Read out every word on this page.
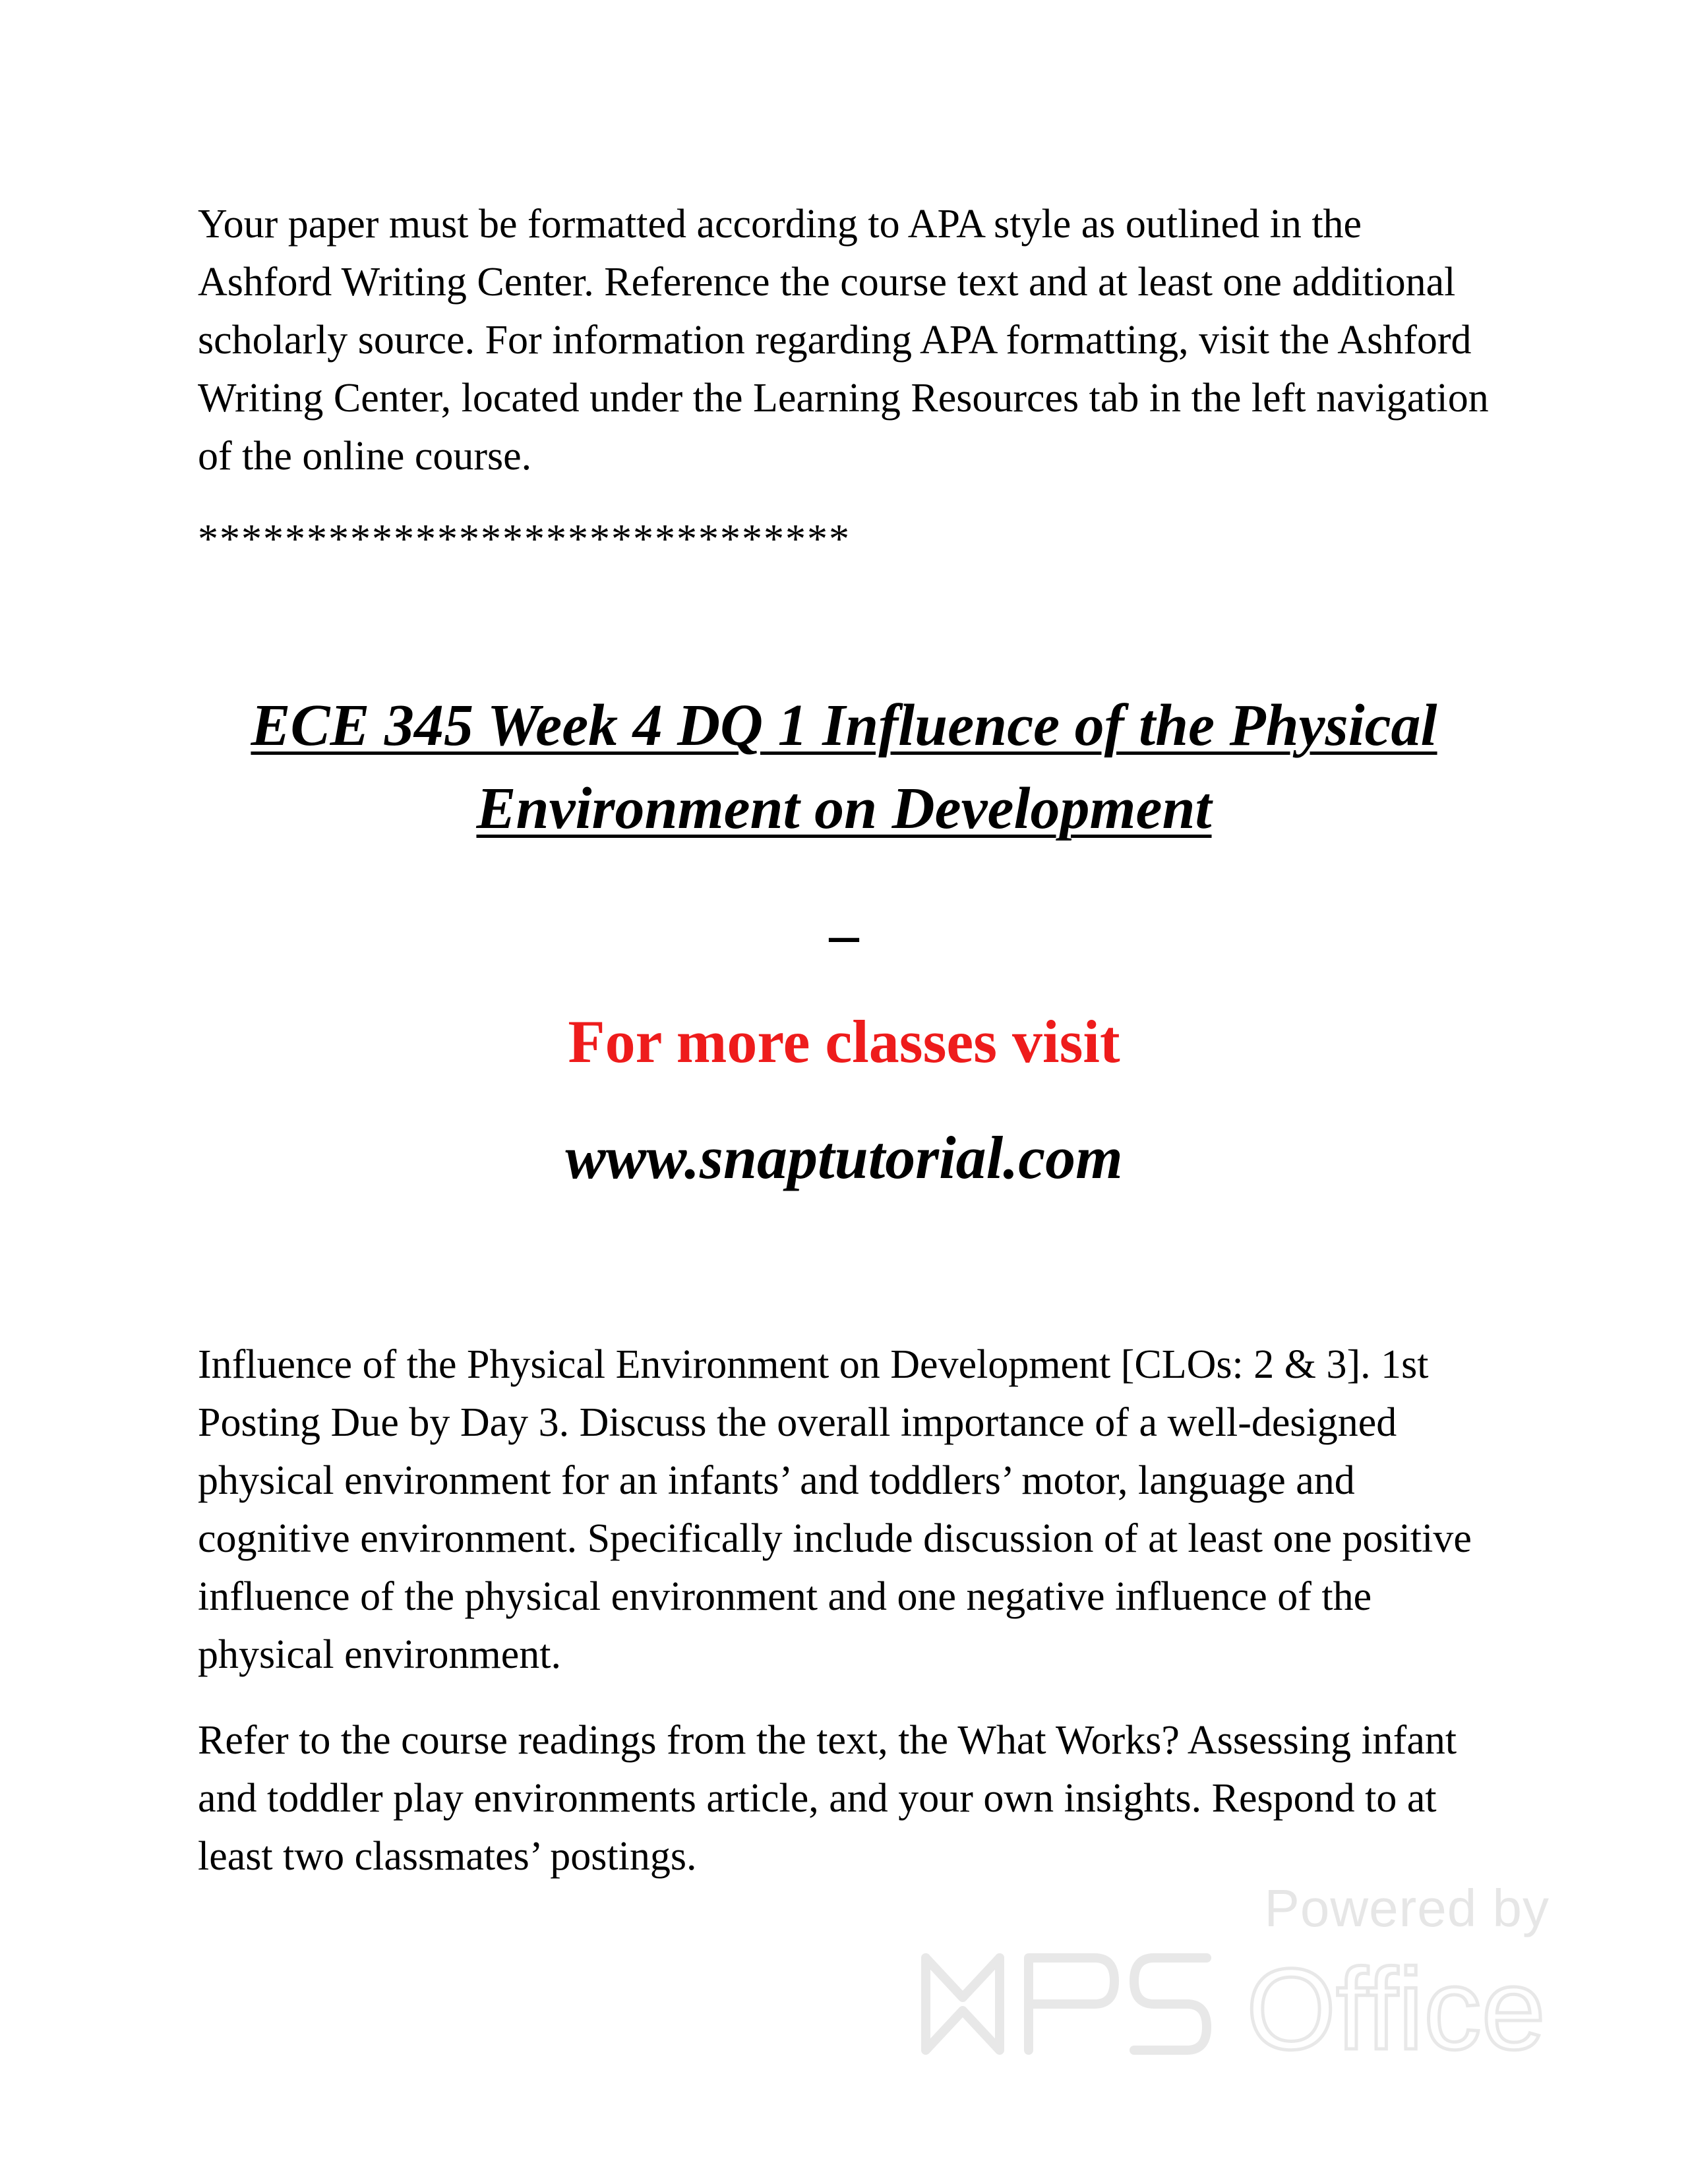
Your paper must be formatted according to APA style as outlined in the Ashford Writing Center. Reference the course text and at least one additional scholarly source. For information regarding APA formatting, visit the Ashford Writing Center, located under the Learning Resources tab in the left navigation of the online course.

******************************
ECE 345 Week 4 DQ 1 Influence of the Physical Environment on Development
–
For more classes visit
www.snaptutorial.com

Influence of the Physical Environment on Development [CLOs: 2 & 3]. 1st Posting Due by Day 3. Discuss the overall importance of a well-designed physical environment for an infants’ and toddlers’ motor, language and cognitive environment. Specifically include discussion of at least one positive influence of the physical environment and one negative influence of the physical environment.

Refer to the course readings from the text, the What Works? Assessing infant and toddler play environments article, and your own insights. Respond to at least two classmates’ postings.

Powered by
Office
